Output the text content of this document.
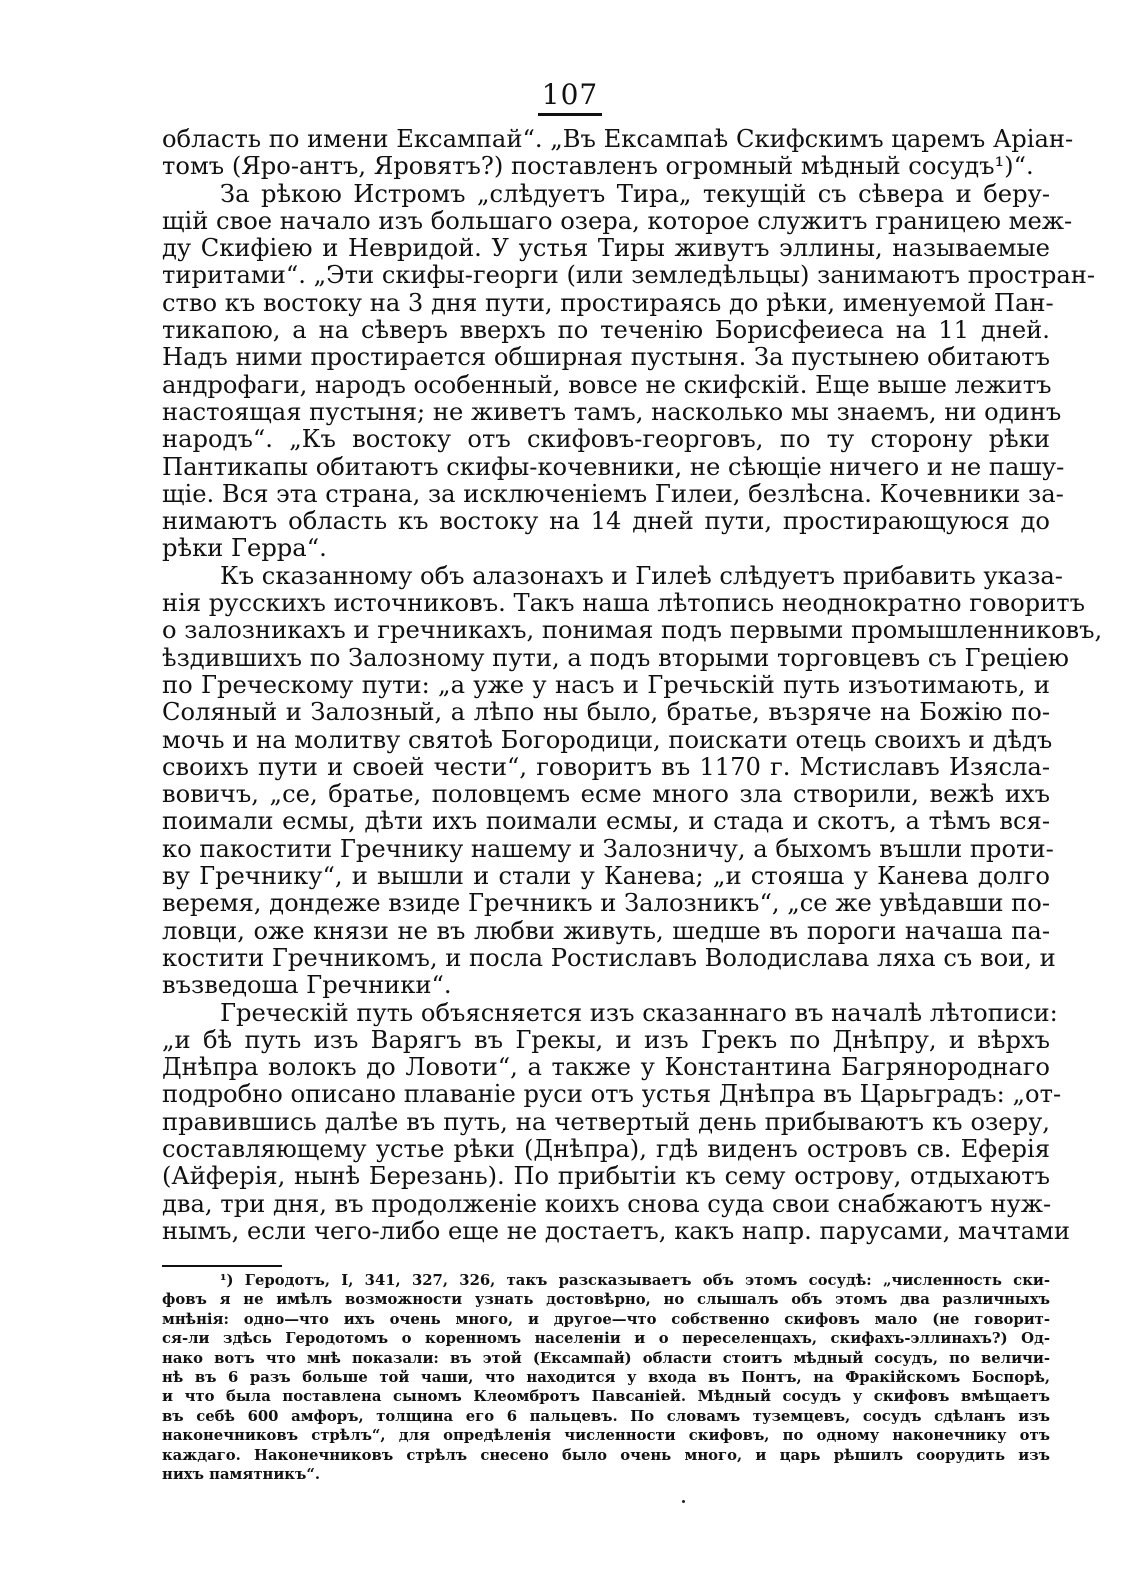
107
область по имени Ексампай“. „Въ Ексампаѣ Скифскимъ царемъ Аріан-
томъ (Яро-антъ, Яровятъ?) поставленъ огромный мѣдный сосудъ¹)“.
За рѣкою Истромъ „слѣдуетъ Тира„ текущій съ сѣвера и беру-
щій свое начало изъ большаго озера, которое служитъ границею меж-
ду Скифіею и Невридой. У устья Тиры живутъ эллины, называемые
тиритами“. „Эти скифы-георги (или земледѣльцы) занимаютъ простран-
ство къ востоку на 3 дня пути, простираясь до рѣки, именуемой Пан-
тикапою, а на сѣверъ вверхъ по теченію Борисфеиеса на 11 дней.
Надъ ними простирается обширная пустыня. За пустынею обитаютъ
андрофаги, народъ особенный, вовсе не скифскій. Еще выше лежитъ
настоящая пустыня; не живетъ тамъ, насколько мы знаемъ, ни одинъ
народъ“. „Къ востоку отъ скифовъ-георговъ, по ту сторону рѣки
Пантикапы обитаютъ скифы-кочевники, не сѣющіе ничего и не пашу-
щіе. Вся эта страна, за исключеніемъ Гилеи, безлѣсна. Кочевники за-
нимаютъ область къ востоку на 14 дней пути, простирающуюся до
рѣки Герра“.
Къ сказанному объ алазонахъ и Гилеѣ слѣдуетъ прибавить указа-
нія русскихъ источниковъ. Такъ наша лѣтопись неоднократно говоритъ
о залозникахъ и гречникахъ, понимая подъ первыми промышленниковъ,
ѣздившихъ по Залозному пути, а подъ вторыми торговцевъ съ Греціею
по Греческому пути: „а уже у насъ и Гречьскій путь изъотимають, и
Соляный и Залозный, а лѣпо ны было, братье, възряче на Божію по-
мочь и на молитву святоѣ Богородици, поискати отець своихъ и дѣдъ
своихъ пути и своей чести“, говоритъ въ 1170 г. Мстиславъ Изясла-
вовичъ, „се, братье, половцемъ есме много зла створили, вежѣ ихъ
поимали есмы, дѣти ихъ поимали есмы, и стада и скотъ, а тѣмъ вся-
ко пакостити Гречнику нашему и Залозничу, а быхомъ въшли проти-
ву Гречнику“, и вышли и стали у Канева; „и стояша у Канева долго
веремя, дондеже взиде Гречникъ и Залозникъ“, „се же увѣдавши по-
ловци, оже князи не въ любви живуть, шедше въ пороги начаша па-
костити Гречникомъ, и посла Ростиславъ Володислава ляха съ вои, и
възведоша Гречники“.
Греческій путь объясняется изъ сказаннаго въ началѣ лѣтописи:
„и бѣ путь изъ Варягъ въ Грекы, и изъ Грекъ по Днѣпру, и вѣрхъ
Днѣпра волокъ до Ловоти“, а также у Константина Багрянороднаго
подробно описано плаваніе руси отъ устья Днѣпра въ Царьградъ: „от-
правившись далѣе въ путь, на четвертый день прибываютъ къ озеру,
составляющему устье рѣки (Днѣпра), гдѣ виденъ островъ св. Еферія
(Айферія, нынѣ Березань). По прибытіи къ сему острову, отдыхаютъ
два, три дня, въ продолженіе коихъ снова суда свои снабжаютъ нуж-
нымъ, если чего-либо еще не достаетъ, какъ напр. парусами, мачтами
¹) Геродотъ, I, 341, 327, 326, такъ разсказываетъ объ этомъ сосудѣ: „численность ски-
фовъ я не имѣлъ возможности узнать достовѣрно, но слышалъ объ этомъ два различныхъ
мнѣнія: одно—что ихъ очень много, и другое—что собственно скифовъ мало (не говорит-
ся-ли здѣсь Геродотомъ о коренномъ населеніи и о переселенцахъ, скифахъ-эллинахъ?) Од-
нако вотъ что мнѣ показали: въ этой (Ексампай) области стоитъ мѣдный сосудъ, по величи-
нѣ въ 6 разъ больше той чаши, что находится у входа въ Понтъ, на Фракійскомъ Боспорѣ,
и что была поставлена сыномъ Клеомбротъ Павсаніей. Мѣдный сосудъ у скифовъ вмѣщаетъ
въ себѣ 600 амфоръ, толщина его 6 пальцевъ. По словамъ туземцевъ, сосудъ сдѣланъ изъ
наконечниковъ стрѣлъ“, для опредѣленія численности скифовъ, по одному наконечнику отъ
каждаго. Наконечниковъ стрѣлъ снесено было очень много, и царь рѣшилъ соорудить изъ
нихъ памятникъ“.
